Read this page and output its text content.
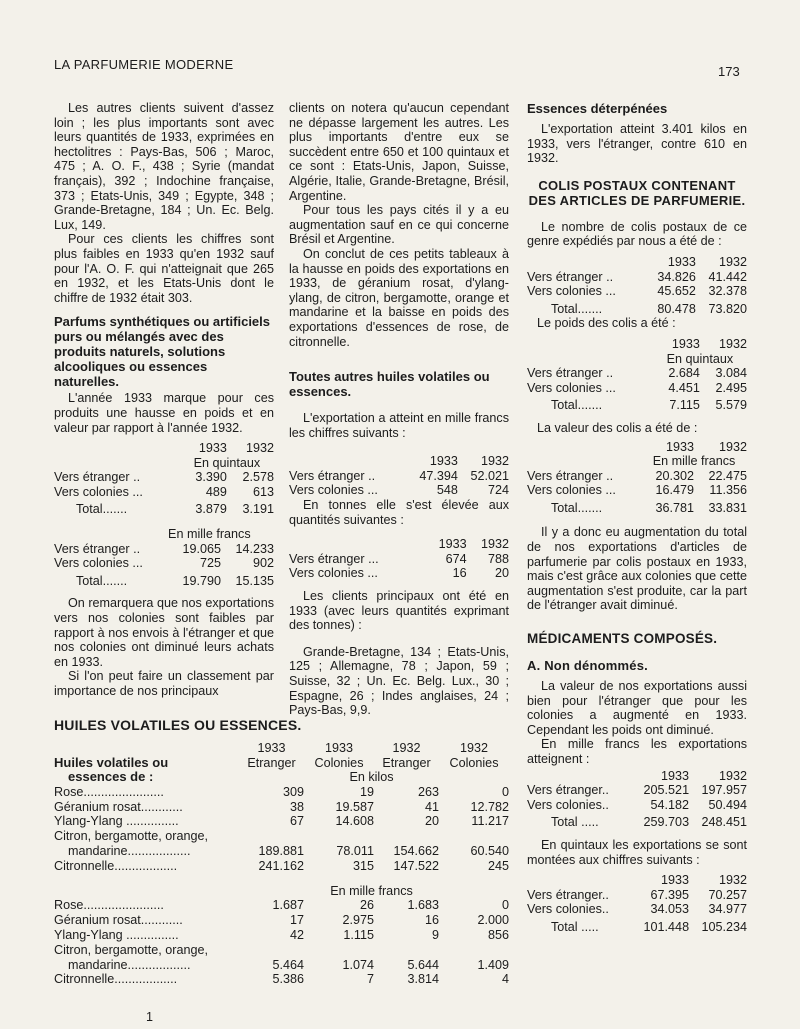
LA PARFUMERIE MODERNE	173

Les autres clients suivent d'assez loin ; les plus importants sont avec leurs quantités de 1933, exprimées en hectolitres : Pays-Bas, 506 ; Maroc, 475 ; A. O. F., 438 ; Syrie (mandat français), 392 ; Indochine française, 373 ; Etats-Unis, 349 ; Egypte, 348 ; Grande-Bretagne, 184 ; Un. Ec. Belg. Lux, 149.

Pour ces clients les chiffres sont plus faibles en 1933 qu'en 1932 sauf pour l'A. O. F. qui n'atteignait que 265 en 1932, et les Etats-Unis dont le chiffre de 1932 était 303.

Parfums synthétiques ou artificiels purs ou mélangés avec des produits naturels, solutions alcooliques ou essences naturelles.

L'année 1933 marque pour ces produits une hausse en poids et en valeur par rapport à l'année 1932.

	1933	1932
	En quintaux	
Vers étranger ..	3.390	2.578
Vers colonies ...	489	613
Total.......	3.879	3.191
	En mille francs	
Vers étranger ..	19.065	14.233
Vers colonies ...	725	902
Total.......	19.790	15.135

On remarquera que nos exportations vers nos colonies sont faibles par rapport à nos envois à l'étranger et que nos colonies ont diminué leurs achats en 1933.

Si l'on peut faire un classement par importance de nos principaux

clients on notera qu'aucun cependant ne dépasse largement les autres. Les plus importants d'entre eux se succèdent entre 650 et 100 quintaux et ce sont : Etats-Unis, Japon, Suisse, Algérie, Italie, Grande-Bretagne, Brésil, Argentine.

Pour tous les pays cités il y a eu augmentation sauf en ce qui concerne Brésil et Argentine.

On conclut de ces petits tableaux à la hausse en poids des exportations en 1933, de géranium rosat, d'ylang-ylang, de citron, bergamotte, orange et mandarine et la baisse en poids des exportations d'essences de rose, de citronnelle.

Toutes autres huiles volatiles ou essences.

L'exportation a atteint en mille francs les chiffres suivants :

	1933	1932
Vers étranger ..	47.394	52.021
Vers colonies ...	548	724

En tonnes elle s'est élevée aux quantités suivantes :

	1933	1932
Vers étranger ...	674	788
Vers colonies ...	16	20

Les clients principaux ont été en 1933 (avec leurs quantités exprimant des tonnes) :

Grande-Bretagne, 134 ; Etats-Unis, 125 ; Allemagne, 78 ; Japon, 59 ; Suisse, 32 ; Un. Ec. Belg. Lux., 30 ; Espagne, 26 ; Indes anglaises, 24 ; Pays-Bas, 9,9.

Essences déterpénées

L'exportation atteint 3.401 kilos en 1933, vers l'étranger, contre 610 en 1932.

COLIS POSTAUX CONTENANT DES ARTICLES DE PARFUMERIE.

Le nombre de colis postaux de ce genre expédiés par nous a été de :

	1933	1932
Vers étranger ..	34.826	41.442
Vers colonies ...	45.652	32.378
Total.......	80.478	73.820

Le poids des colis a été :

	1933	1932
	En quintaux	
Vers étranger ..	2.684	3.084
Vers colonies ...	4.451	2.495
Total.......	7.115	5.579

La valeur des colis a été de :

	1933	1932
	En mille francs	
Vers étranger ..	20.302	22.475
Vers colonies ...	16.479	11.356
Total.......	36.781	33.831

Il y a donc eu augmentation du total de nos exportations d'articles de parfumerie par colis postaux en 1933, mais c'est grâce aux colonies que cette augmentation s'est produite, car la part de l'étranger avait diminué.

MÉDICAMENTS COMPOSÉS.

A. Non dénommés.

La valeur de nos exportations aussi bien pour l'étranger que pour les colonies a augmenté en 1933. Cependant les poids ont diminué.

En mille francs les exportations atteignent :

	1933	1932
Vers étranger..	205.521	197.957
Vers colonies..	54.182	50.494
Total .....	259.703	248.451

En quintaux les exportations se sont montées aux chiffres suivants :

	1933	1932
Vers étranger..	67.395	70.257
Vers colonies..	34.053	34.977
Total .....	101.448	105.234
HUILES VOLATILES OU ESSENCES.
	1933	1933	1932	1932
Huiles volatiles ou	Etranger	Colonies	Etranger	Colonies
essences de :		En kilos		
Rose.......................	309	19	263	0
Géranium rosat............	38	19.587	41	12.782
Ylang-Ylang ...............	67	14.608	20	11.217
Citron, bergamotte, orange,				
mandarine..................	189.881	78.011	154.662	60.540
Citronnelle..................	241.162	315	147.522	245

		En mille francs		
Rose.......................	1.687	26	1.683	0
Géranium rosat............	17	2.975	16	2.000
Ylang-Ylang ...............	42	1.115	9	856
Citron, bergamotte, orange,				
mandarine..................	5.464	1.074	5.644	1.409
Citronnelle..................	5.386	7	3.814	4
1
